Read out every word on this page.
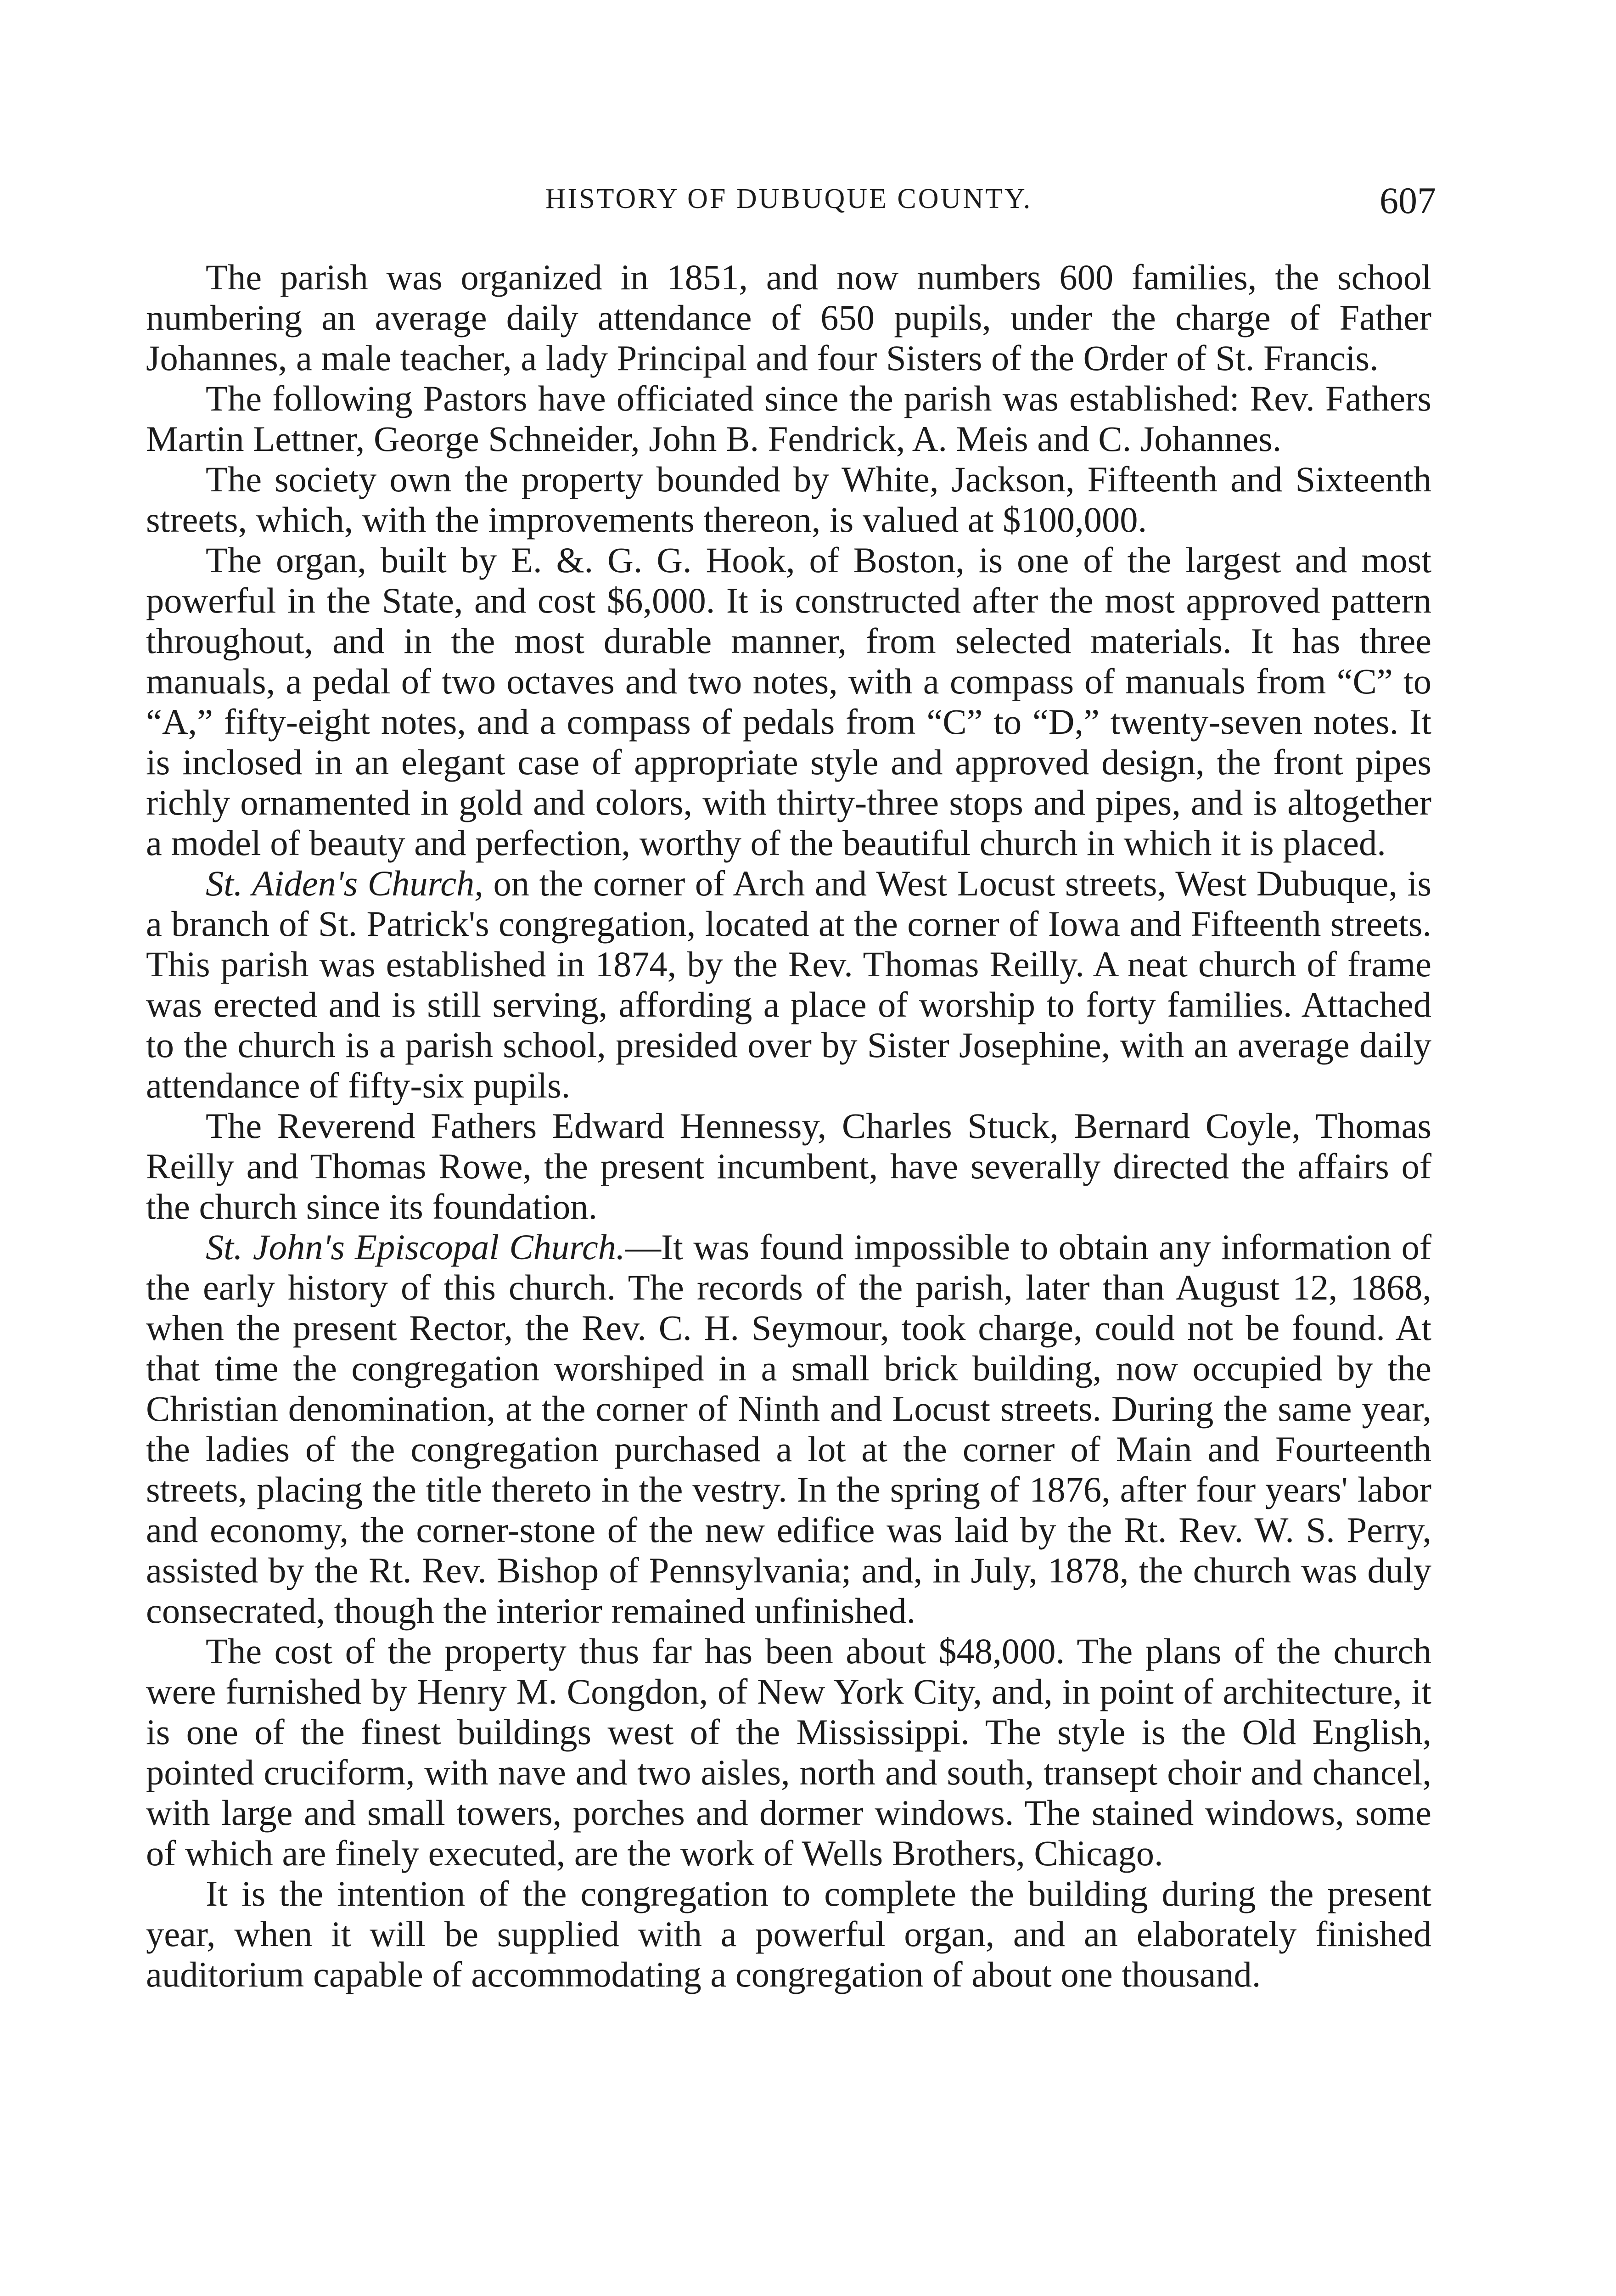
HISTORY OF DUBUQUE COUNTY.	607

The parish was organized in 1851, and now numbers 600 families, the school numbering an average daily attendance of 650 pupils, under the charge of Father Johannes, a male teacher, a lady Principal and four Sisters of the Order of St. Francis.

The following Pastors have officiated since the parish was established: Rev. Fathers Martin Lettner, George Schneider, John B. Fendrick, A. Meis and C. Johannes.

The society own the property bounded by White, Jackson, Fifteenth and Sixteenth streets, which, with the improvements thereon, is valued at $100,000.

The organ, built by E. &. G. G. Hook, of Boston, is one of the largest and most powerful in the State, and cost $6,000. It is constructed after the most approved pattern throughout, and in the most durable manner, from selected materials. It has three manuals, a pedal of two octaves and two notes, with a compass of manuals from “C” to “A,” fifty-eight notes, and a compass of pedals from “C” to “D,” twenty-seven notes. It is inclosed in an elegant case of appropriate style and approved design, the front pipes richly ornamented in gold and colors, with thirty-three stops and pipes, and is altogether a model of beauty and perfection, worthy of the beautiful church in which it is placed.

St. Aiden's Church, on the corner of Arch and West Locust streets, West Dubuque, is a branch of St. Patrick's congregation, located at the corner of Iowa and Fifteenth streets. This parish was established in 1874, by the Rev. Thomas Reilly. A neat church of frame was erected and is still serving, affording a place of worship to forty families. Attached to the church is a parish school, presided over by Sister Josephine, with an average daily attendance of fifty-six pupils.

The Reverend Fathers Edward Hennessy, Charles Stuck, Bernard Coyle, Thomas Reilly and Thomas Rowe, the present incumbent, have severally directed the affairs of the church since its foundation.

St. John's Episcopal Church.—It was found impossible to obtain any information of the early history of this church. The records of the parish, later than August 12, 1868, when the present Rector, the Rev. C. H. Seymour, took charge, could not be found. At that time the congregation worshiped in a small brick building, now occupied by the Christian denomination, at the corner of Ninth and Locust streets. During the same year, the ladies of the congregation purchased a lot at the corner of Main and Fourteenth streets, placing the title thereto in the vestry. In the spring of 1876, after four years' labor and economy, the corner-stone of the new edifice was laid by the Rt. Rev. W. S. Perry, assisted by the Rt. Rev. Bishop of Pennsylvania; and, in July, 1878, the church was duly consecrated, though the interior remained unfinished.

The cost of the property thus far has been about $48,000. The plans of the church were furnished by Henry M. Congdon, of New York City, and, in point of architecture, it is one of the finest buildings west of the Mississippi. The style is the Old English, pointed cruciform, with nave and two aisles, north and south, transept choir and chancel, with large and small towers, porches and dormer windows. The stained windows, some of which are finely executed, are the work of Wells Brothers, Chicago.

It is the intention of the congregation to complete the building during the present year, when it will be supplied with a powerful organ, and an elaborately finished auditorium capable of accommodating a congregation of about one thousand.
